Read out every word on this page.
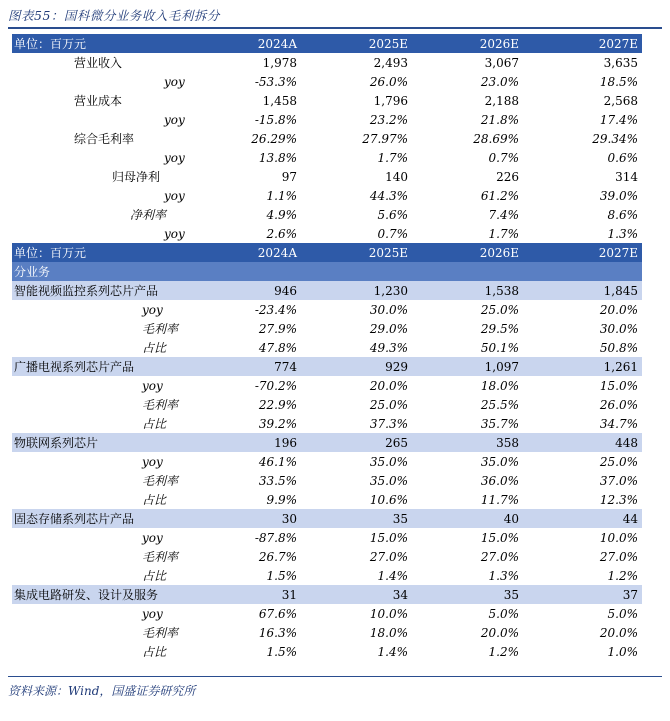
图表55：国科微分业务收入毛利拆分
单位：百万元	2024A	2025E	2026E	2027E
营业收入	1,978	2,493	3,067	3,635
yoy	-53.3%	26.0%	23.0%	18.5%
营业成本	1,458	1,796	2,188	2,568
yoy	-15.8%	23.2%	21.8%	17.4%
综合毛利率	26.29%	27.97%	28.69%	29.34%
yoy	13.8%	1.7%	0.7%	0.6%
归母净利	97	140	226	314
yoy	1.1%	44.3%	61.2%	39.0%
净利率	4.9%	5.6%	7.4%	8.6%
yoy	2.6%	0.7%	1.7%	1.3%
单位：百万元	2024A	2025E	2026E	2027E
分业务				
智能视频监控系列芯片产品	946	1,230	1,538	1,845
yoy	-23.4%	30.0%	25.0%	20.0%
毛利率	27.9%	29.0%	29.5%	30.0%
占比	47.8%	49.3%	50.1%	50.8%
广播电视系列芯片产品	774	929	1,097	1,261
yoy	-70.2%	20.0%	18.0%	15.0%
毛利率	22.9%	25.0%	25.5%	26.0%
占比	39.2%	37.3%	35.7%	34.7%
物联网系列芯片	196	265	358	448
yoy	46.1%	35.0%	35.0%	25.0%
毛利率	33.5%	35.0%	36.0%	37.0%
占比	9.9%	10.6%	11.7%	12.3%
固态存储系列芯片产品	30	35	40	44
yoy	-87.8%	15.0%	15.0%	10.0%
毛利率	26.7%	27.0%	27.0%	27.0%
占比	1.5%	1.4%	1.3%	1.2%
集成电路研发、设计及服务	31	34	35	37
yoy	67.6%	10.0%	5.0%	5.0%
毛利率	16.3%	18.0%	20.0%	20.0%
占比	1.5%	1.4%	1.2%	1.0%
资料来源：Wind，国盛证券研究所
